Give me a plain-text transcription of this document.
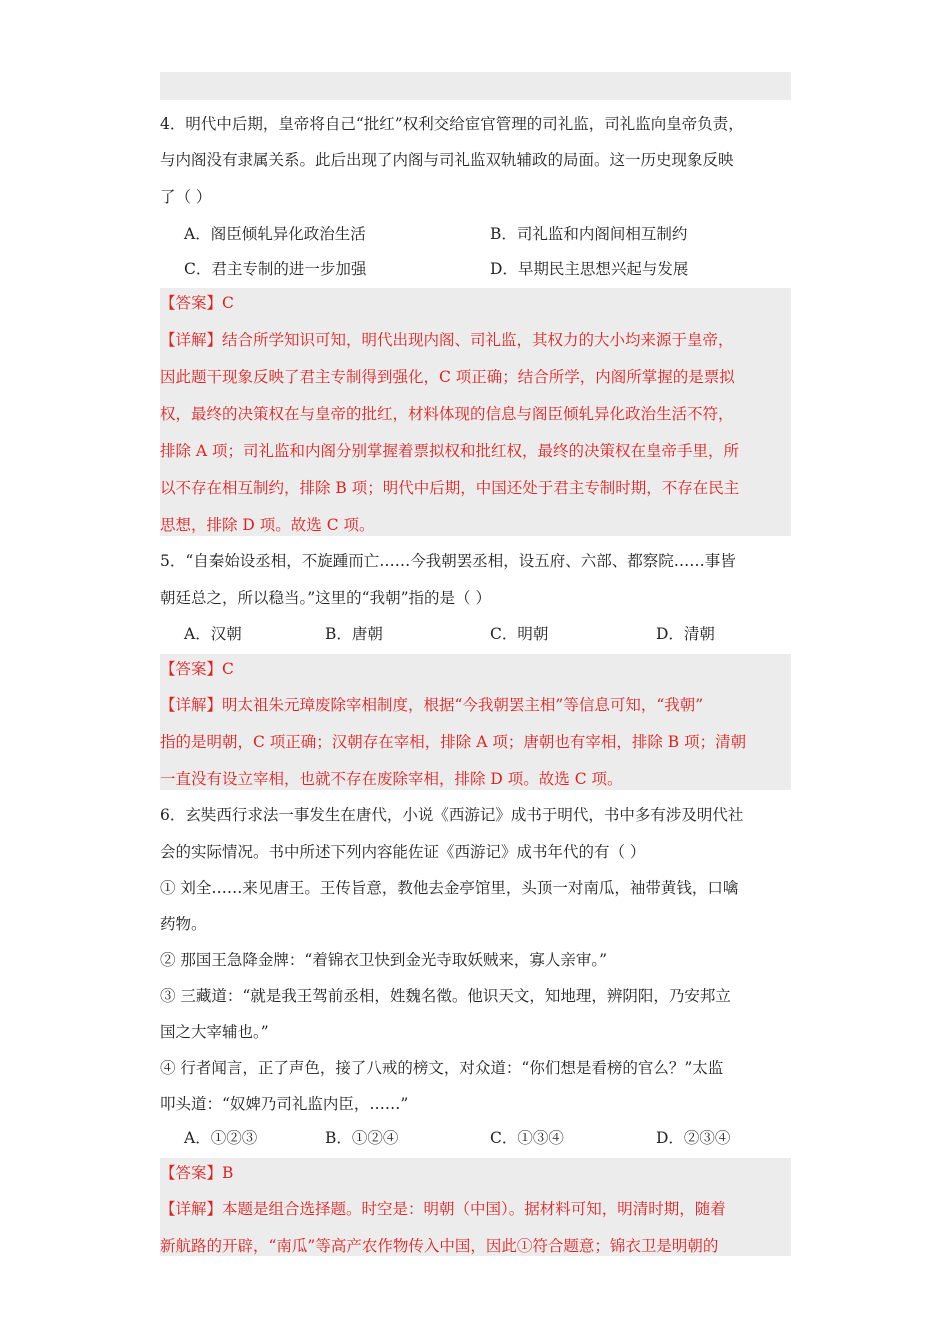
4．明代中后期，皇帝将自己“批红”权利交给宦官管理的司礼监，司礼监向皇帝负责，
与内阁没有隶属关系。此后出现了内阁与司礼监双轨辅政的局面。这一历史现象反映
了（ ）
A．阁臣倾轧异化政治生活	B．司礼监和内阁间相互制约
C．君主专制的进一步加强	D．早期民主思想兴起与发展
【答案】C
【详解】结合所学知识可知，明代出现内阁、司礼监，其权力的大小均来源于皇帝，
因此题干现象反映了君主专制得到强化，C 项正确；结合所学，内阁所掌握的是票拟
权，最终的决策权在与皇帝的批红，材料体现的信息与阁臣倾轧异化政治生活不符，
排除 A 项；司礼监和内阁分别掌握着票拟权和批红权，最终的决策权在皇帝手里，所
以不存在相互制约，排除 B 项；明代中后期，中国还处于君主专制时期，不存在民主
思想，排除 D 项。故选 C 项。
5．“自秦始设丞相，不旋踵而亡……今我朝罢丞相，设五府、六部、都察院……事皆
朝廷总之，所以稳当。”这里的“我朝”指的是（ ）
A．汉朝	B．唐朝	C．明朝	D．清朝
【答案】C
【详解】明太祖朱元璋废除宰相制度，根据“今我朝罢主相”等信息可知，“我朝”
指的是明朝，C 项正确；汉朝存在宰相，排除 A 项；唐朝也有宰相，排除 B 项；清朝
一直没有设立宰相，也就不存在废除宰相，排除 D 项。故选 C 项。
6．玄奘西行求法一事发生在唐代，小说《西游记》成书于明代，书中多有涉及明代社
会的实际情况。书中所述下列内容能佐证《西游记》成书年代的有（ ）
① 刘全……来见唐王。王传旨意，教他去金亭馆里，头顶一对南瓜，袖带黄钱，口噙
药物。
② 那国王急降金牌：“着锦衣卫快到金光寺取妖贼来，寡人亲审。”
③ 三藏道：“就是我王驾前丞相，姓魏名徵。他识天文，知地理，辨阴阳，乃安邦立
国之大宰辅也。”
④ 行者闻言，正了声色，接了八戒的榜文，对众道：“你们想是看榜的官么？”太监
叩头道：“奴婢乃司礼监内臣，……”
A．①②③	B．①②④	C．①③④	D．②③④
【答案】B
【详解】本题是组合选择题。时空是：明朝（中国）。据材料可知，明清时期，随着
新航路的开辟，“南瓜”等高产农作物传入中国，因此①符合题意；锦衣卫是明朝的
